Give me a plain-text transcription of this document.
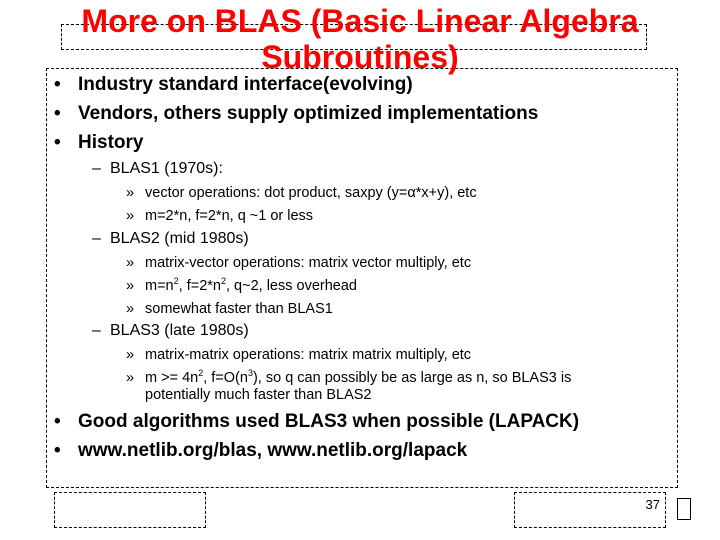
More on BLAS (Basic Linear Algebra Subroutines)
• Industry standard interface(evolving)
• Vendors, others supply optimized implementations
• History
– BLAS1 (1970s):
» vector operations: dot product, saxpy (y=α*x+y), etc
» m=2*n, f=2*n, q ~1 or less
– BLAS2 (mid 1980s)
» matrix-vector operations: matrix vector multiply, etc
» $m=n^2$, $f=2*n^2$, q~2, less overhead
» somewhat faster than BLAS1
– BLAS3 (late 1980s)
» matrix-matrix operations: matrix matrix multiply, etc
» $m >= 4n^2$, $f=O(n^3)$, so q can possibly be as large as n, so BLAS3 is
potentially much faster than BLAS2
• Good algorithms used BLAS3 when possible (LAPACK)
• www.netlib.org/blas, www.netlib.org/lapack
37
